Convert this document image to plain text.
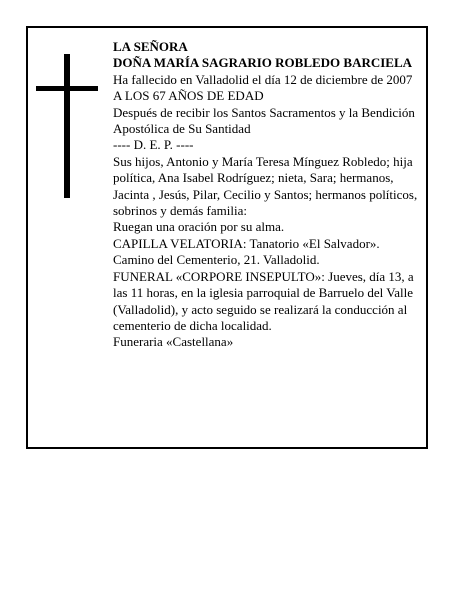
LA SEÑORA

DOÑA MARÍA SAGRARIO ROBLEDO BARCIELA

Ha fallecido en Valladolid el día 12 de diciembre de 2007

A LOS 67 AÑOS DE EDAD

Después de recibir los Santos Sacramentos y la Bendición Apostólica de Su Santidad

---- D. E. P. ----

Sus hijos, Antonio y María Teresa Mínguez Robledo; hija política, Ana Isabel Rodríguez; nieta, Sara; hermanos, Jacinta , Jesús, Pilar, Cecilio y Santos; hermanos políticos, sobrinos y demás familia:

Ruegan una oración por su alma.

CAPILLA VELATORIA: Tanatorio «El Salvador». Camino del Cementerio, 21. Valladolid.

FUNERAL «CORPORE INSEPULTO»: Jueves, día 13, a las 11 horas, en la iglesia parroquial de Barruelo del Valle (Valladolid), y acto seguido se realizará la conducción al cementerio de dicha localidad.

Funeraria «Castellana»
